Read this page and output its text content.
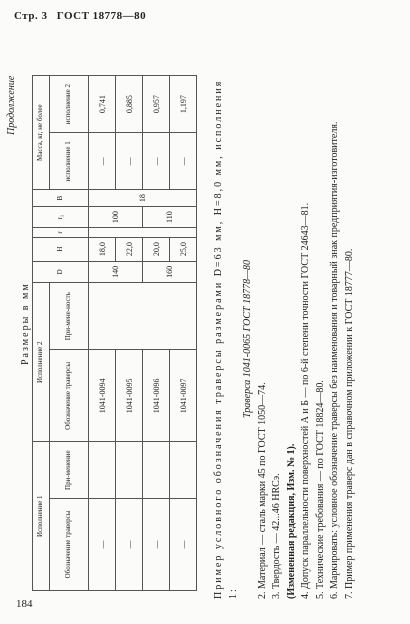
Стр. 3 ГОСТ 18778—80
Продолжение
Размеры в мм
Исполнение 1		Исполнение 2		D	H	r	r₁	B	Масса, кг, не более	
Обозначение траверсы	При-менение	Обозначение траверсы	При-мене-ность						исполнение 1	исполнение 2
—		1041-0094		140	18,0		100	18	—	0,741
—		1041-0095			22,0				—	0,885
—		1041-0096		160	20,0		110		—	0,957
—		1041-0097			25,0				—	1,197	Пример условного обозначения траверсы размерами D=63 мм, H=8,0 мм, исполнения 1:

Траверса 1041-0065 ГОСТ 18778—80

2. Материал — сталь марки 45 по ГОСТ 1050—74. 3. Твердость — 42...46 HRCэ. (Измененная редакция, Изм. № 1). 4. Допуск параллельности поверхностей А и Б — по 6-й степени точности ГОСТ 24643—81. 5. Технические требования — по ГОСТ 18824—80. 6. Маркировать: условное обозначение траверсы без наименования и товарный знак предприятия-изготовителя. 7. Пример применения траверс дан в справочном приложении к ГОСТ 18777—80.

184
